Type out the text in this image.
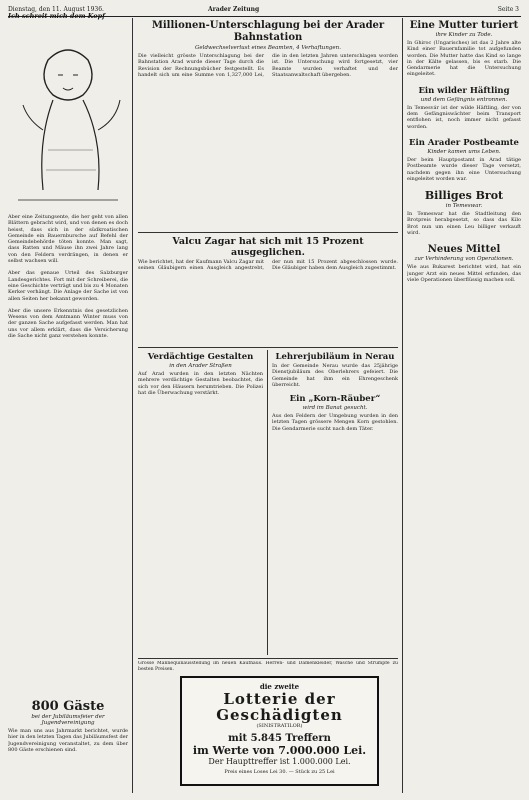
Dienstag, den 11. August 1936.	Arader Zeitung	Seite 3
Ich schreit mich dem Kopf
Aber eine Zeitungsente, die her geht von allen Blättern gebracht wird, und von denen es doch heisst, dass sich in der südkroatischen Gemeinde ein Bauernbursche auf Befehl der Gemeindebehörde töten konnte. Man sagt, dass Ratten und Mäuse ihn zwei Jahre lang von den Feldern verdrängen, in denen er selbst wachsen will.
Aber das genaue Urteil des Salzburger Landesgerichtes. Fort mit der Schreiberei, die eine Geschichte verträgt und bis zu 4 Monaten Kerker verhängt. Die Anlage der Sache ist von allen Seiten her bekannt geworden.
Aber die unsere Erkenntnis des gesetzlichen Wesens von dem Amtmann Winter muss von der ganzen Sache aufgefasst werden. Man hat uns vor allem erklärt, dass die Versicherung die Sache nicht ganz verstehen konnte.
800 Gäste
bei der Jubiläumsfeier der Jugendvereinigung
Wie man uns aus Jahrmarkt berichtet, wurde hier in den letzten Tagen das Jubiläumsfest der Jugendvereinigung veranstaltet, zu dem über 800 Gäste erschienen sind.
Millionen-Unterschlagung bei der Arader Bahnstation
Geldwechselverlust eines Beamten, 4 Verhaftungen.
Die vielleicht grösste Unterschlagung bei der Bahnstation Arad wurde dieser Tage durch die Revision der Rechnungsbücher festgestellt. Es handelt sich um eine Summe von 1,327,000 Lei, die in den letzten Jahren unterschlagen worden ist. Die Untersuchung wird fortgesetzt, vier Beamte wurden verhaftet und der Staatsanwaltschaft übergeben.
Valcu Zagar hat sich mit 15 Prozent ausgeglichen.
Wie berichtet, hat der Kaufmann Valcu Zagar mit seinen Gläubigern einen Ausgleich angestrebt, der nun mit 15 Prozent abgeschlossen wurde. Die Gläubiger haben dem Ausgleich zugestimmt.
Verdächtige Gestalten
in den Arader Straßen
Auf Arad wurden in den letzten Nächten mehrere verdächtige Gestalten beobachtet, die sich vor den Häusern herumtrieben. Die Polizei hat die Überwachung verstärkt.
Lehrerjubiläum in Nerau
In der Gemeinde Nerau wurde das 25jährige Dienstjubiläum des Oberlehrers gefeiert. Die Gemeinde hat ihm ein Ehrengeschenk überreicht.
Ein „Korn-Räuber“
wird im Banat gesucht.
Aus den Feldern der Umgebung wurden in den letzten Tagen grössere Mengen Korn gestohlen. Die Gendarmerie sucht nach dem Täter.
Grosse Mannequinausstellung im neuen Kaufhaus. Herren- und Damenkleider, Wäsche und Strümpfe zu besten Preisen.
die zweite
Lotterie der Geschädigten
(SINISTRATILOR)
mit 5.845 Treffern
im Werte von 7.000.000 Lei.
Der Haupttreffer ist 1.000.000 Lei.
Preis eines Loses Lei 30. — Stück zu 25 Lei
Eine Mutter turiert
ihre Kinder zu Tode.
In Ghiroc (Ungarisches) ist das 2 Jahre alte Kind einer Bauernfamilie tot aufgefunden worden. Die Mutter hatte das Kind so lange in der Kälte gelassen, bis es starb. Die Gendarmerie hat die Untersuchung eingeleitet.
Ein wilder Häftling
und dem Gefängnis entronnen.
In Temesvár ist der wilde Häftling, der von dem Gefängniswächter beim Transport entflohen ist, noch immer nicht gefasst worden.
Ein Arader Postbeamte
Kinder kamen ums Leben.
Der beim Hauptpostamt in Arad tätige Postbeamte wurde dieser Tage versetzt, nachdem gegen ihn eine Untersuchung eingeleitet worden war.
Billiges Brot
in Temeswar.
In Temeswar hat die Stadtleitung den Brotpreis herabgesetzt, so dass das Kilo Brot nun um einen Leu billiger verkauft wird.
Neues Mittel
zur Verhinderung von Operationen.
Wie aus Bukarest berichtet wird, hat ein junger Arzt ein neues Mittel erfunden, das viele Operationen überflüssig machen soll.
